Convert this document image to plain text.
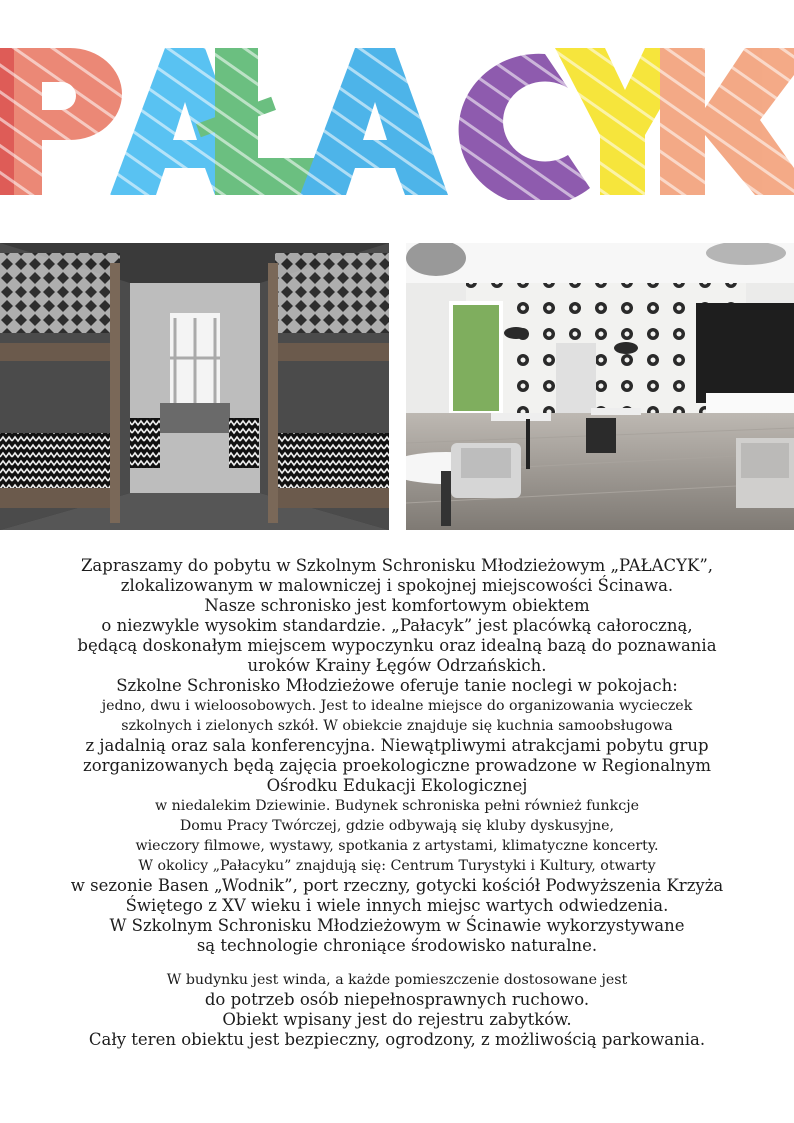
Zapraszamy do pobytu w Szkolnym Schronisku Młodzieżowym „PAŁACYK”,
zlokalizowanym w malowniczej i spokojnej miejscowości Ścinawa.
Nasze schronisko jest komfortowym obiektem
o niezwykle wysokim standardzie. „Pałacyk” jest placówką całoroczną,
będącą doskonałym miejscem wypoczynku oraz idealną bazą do poznawania
uroków Krainy Łęgów Odrzańskich.
Szkolne Schronisko Młodzieżowe oferuje tanie noclegi w pokojach:
jedno, dwu i wieloosobowych. Jest to idealne miejsce do organizowania wycieczek
szkolnych i zielonych szkół. W obiekcie znajduje się kuchnia samoobsługowa
z jadalnią oraz sala konferencyjna. Niewątpliwymi atrakcjami pobytu grup
zorganizowanych będą zajęcia proekologiczne prowadzone w Regionalnym
Ośrodku Edukacji Ekologicznej
w niedalekim Dziewinie. Budynek schroniska pełni również funkcje
Domu Pracy Twórczej, gdzie odbywają się kluby dyskusyjne,
wieczory filmowe, wystawy, spotkania z artystami, klimatyczne koncerty.
W okolicy „Pałacyku” znajdują się: Centrum Turystyki i Kultury, otwarty
w sezonie Basen „Wodnik”, port rzeczny, gotycki kościół Podwyższenia Krzyża
Świętego z XV wieku i wiele innych miejsc wartych odwiedzenia.
W Szkolnym Schronisku Młodzieżowym w Ścinawie wykorzystywane
są technologie chroniące środowisko naturalne.
W budynku jest winda, a każde pomieszczenie dostosowane jest
do potrzeb osób niepełnosprawnych ruchowo.
Obiekt wpisany jest do rejestru zabytków.
Cały teren obiektu jest bezpieczny, ogrodzony, z możliwością parkowania.
